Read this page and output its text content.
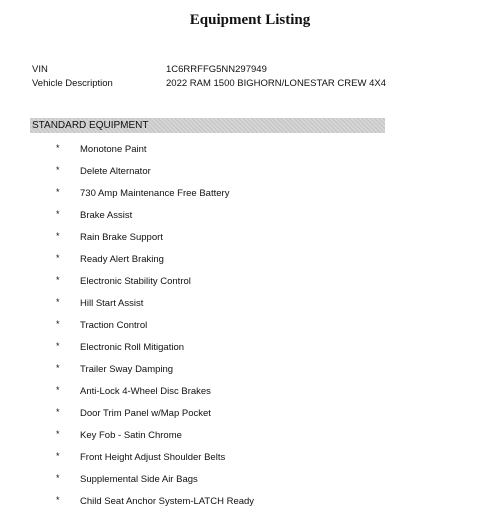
Equipment Listing
VIN	1C6RRFFG5NN297949
Vehicle Description	2022 RAM 1500 BIGHORN/LONESTAR CREW 4X4
STANDARD EQUIPMENT
* Monotone Paint
* Delete Alternator
* 730 Amp Maintenance Free Battery
* Brake Assist
* Rain Brake Support
* Ready Alert Braking
* Electronic Stability Control
* Hill Start Assist
* Traction Control
* Electronic Roll Mitigation
* Trailer Sway Damping
* Anti-Lock 4-Wheel Disc Brakes
* Door Trim Panel w/Map Pocket
* Key Fob - Satin Chrome
* Front Height Adjust Shoulder Belts
* Supplemental Side Air Bags
* Child Seat Anchor System-LATCH Ready
